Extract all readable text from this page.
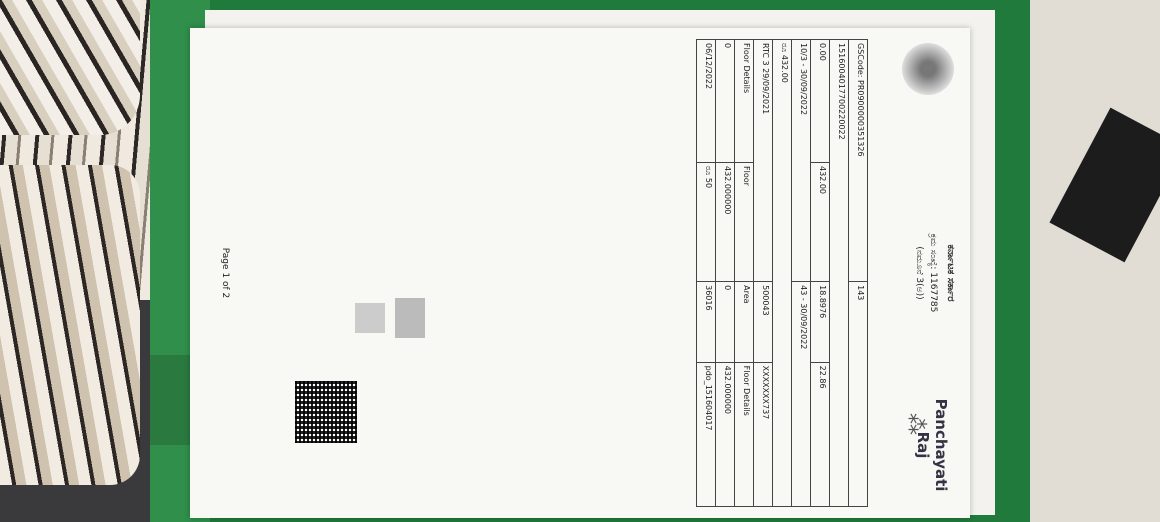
ಕರ್ನಾಟಕ ಸರ್ಕಾರ
ಕ್ರಮ ಸಂಖ್ಯೆ: 1167785
(ನಮೂನೆ 3(ಅ))
Panchayati Raj
⁂
GSCode: PR0900000351326		143	
1516004017700220022			
0.00	432.00	18.8976	22.86
10/3 - 30/09/2022		43 - 30/09/2022	
ರೂ 432.00			
RTC 3 29/09/2021		500043	XXXXXXX737
Floor Details	Floor	Area	Floor Details
0	432.000000	0	432.000000
06/12/2022	ರೂ 50	36016	pdo_151604017
Page 1 of 2
